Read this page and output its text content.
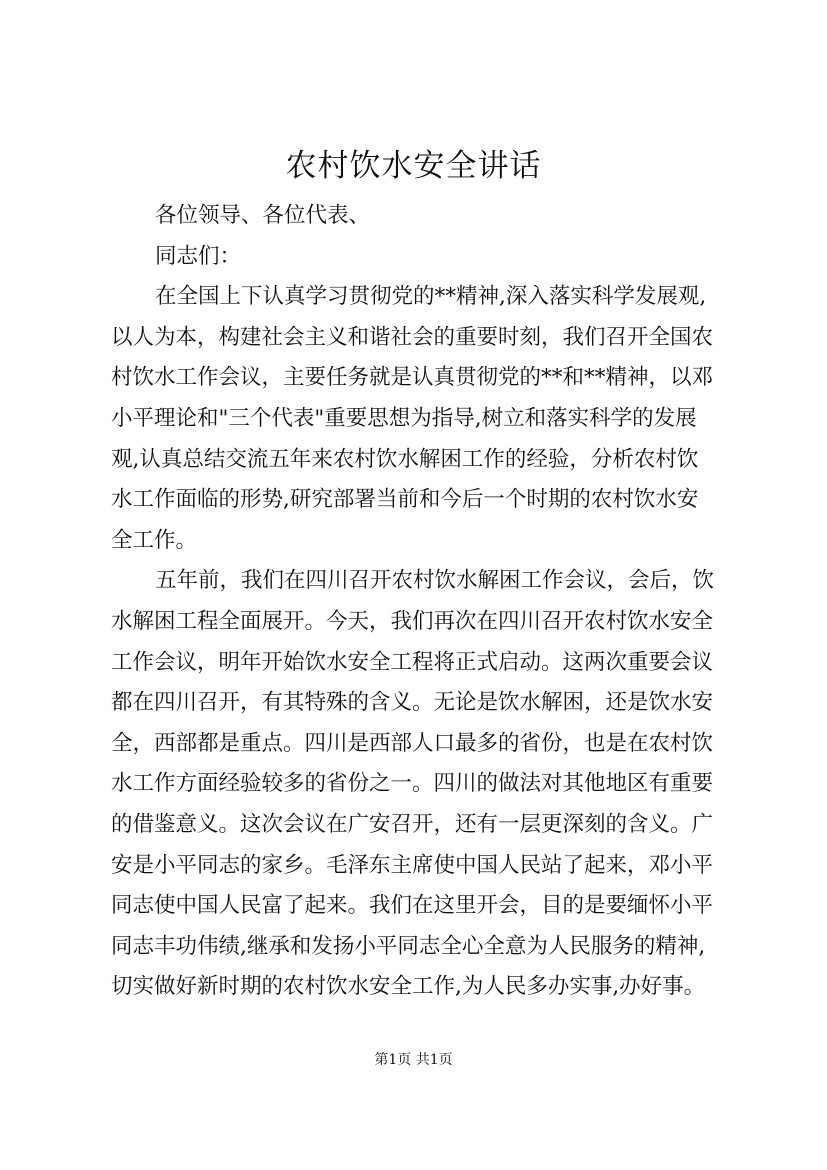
农村饮水安全讲话
各位领导、各位代表、
同志们：
在全国上下认真学习贯彻党的**精神,深入落实科学发展观,
以人为本，构建社会主义和谐社会的重要时刻，我们召开全国农
村饮水工作会议，主要任务就是认真贯彻党的**和**精神，以邓
小平理论和"三个代表"重要思想为指导,树立和落实科学的发展
观,认真总结交流五年来农村饮水解困工作的经验，分析农村饮
水工作面临的形势,研究部署当前和今后一个时期的农村饮水安
全工作。
五年前，我们在四川召开农村饮水解困工作会议，会后，饮
水解困工程全面展开。今天，我们再次在四川召开农村饮水安全
工作会议，明年开始饮水安全工程将正式启动。这两次重要会议
都在四川召开，有其特殊的含义。无论是饮水解困，还是饮水安
全，西部都是重点。四川是西部人口最多的省份，也是在农村饮
水工作方面经验较多的省份之一。四川的做法对其他地区有重要
的借鉴意义。这次会议在广安召开，还有一层更深刻的含义。广
安是小平同志的家乡。毛泽东主席使中国人民站了起来，邓小平
同志使中国人民富了起来。我们在这里开会，目的是要缅怀小平
同志丰功伟绩,继承和发扬小平同志全心全意为人民服务的精神,
切实做好新时期的农村饮水安全工作,为人民多办实事,办好事。
第1页 共1页
